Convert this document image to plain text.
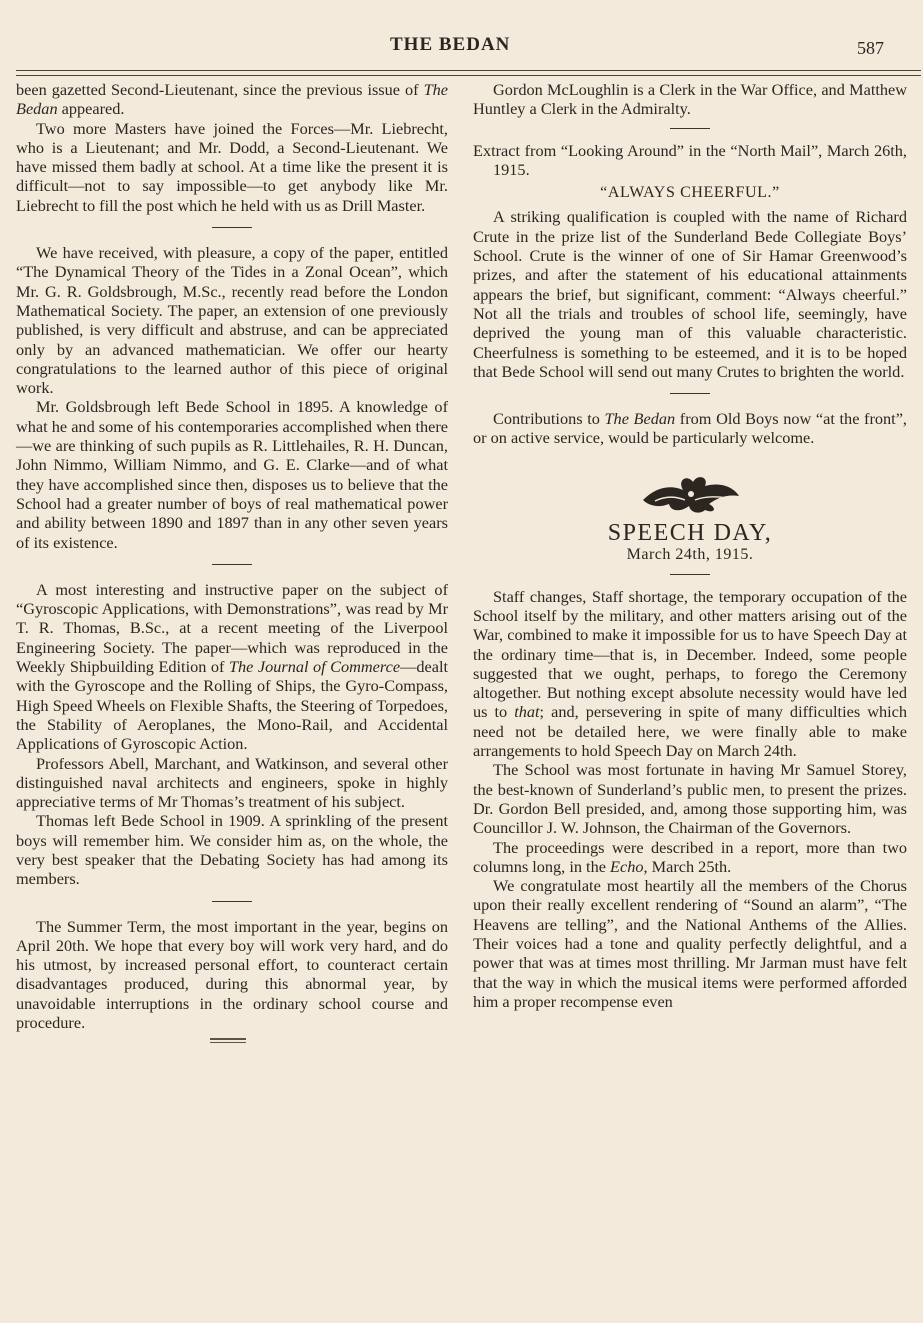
THE BEDAN	587

been gazetted Second-Lieutenant, since the previous issue of The Bedan appeared.

Two more Masters have joined the Forces—Mr. Liebrecht, who is a Lieutenant; and Mr. Dodd, a Second-Lieutenant. We have missed them badly at school. At a time like the present it is difficult—not to say impossible—to get anybody like Mr. Liebrecht to fill the post which he held with us as Drill Master.

We have received, with pleasure, a copy of the paper, entitled “The Dynamical Theory of the Tides in a Zonal Ocean”, which Mr. G. R. Goldsbrough, M.Sc., recently read before the London Mathematical Society. The paper, an extension of one previously published, is very difficult and abstruse, and can be appreciated only by an advanced mathematician. We offer our hearty congratulations to the learned author of this piece of original work.

Mr. Goldsbrough left Bede School in 1895. A knowledge of what he and some of his contemporaries accomplished when there—we are thinking of such pupils as R. Littlehailes, R. H. Duncan, John Nimmo, William Nimmo, and G. E. Clarke—and of what they have accomplished since then, disposes us to believe that the School had a greater number of boys of real mathematical power and ability between 1890 and 1897 than in any other seven years of its existence.

A most interesting and instructive paper on the subject of “Gyroscopic Applications, with Demonstrations”, was read by Mr T. R. Thomas, B.Sc., at a recent meeting of the Liverpool Engineering Society. The paper—which was reproduced in the Weekly Shipbuilding Edition of The Journal of Commerce—dealt with the Gyroscope and the Rolling of Ships, the Gyro-Compass, High Speed Wheels on Flexible Shafts, the Steering of Torpedoes, the Stability of Aeroplanes, the Mono-Rail, and Accidental Applications of Gyroscopic Action.

Professors Abell, Marchant, and Watkinson, and several other distinguished naval architects and engineers, spoke in highly appreciative terms of Mr Thomas’s treatment of his subject.

Thomas left Bede School in 1909. A sprinkling of the present boys will remember him. We consider him as, on the whole, the very best speaker that the Debating Society has had among its members.

The Summer Term, the most important in the year, begins on April 20th. We hope that every boy will work very hard, and do his utmost, by increased personal effort, to counteract certain disadvantages produced, during this abnormal year, by unavoidable interruptions in the ordinary school course and procedure.

Gordon McLoughlin is a Clerk in the War Office, and Matthew Huntley a Clerk in the Admiralty.

Extract from “Looking Around” in the “North Mail”, March 26th, 1915.

“ALWAYS CHEERFUL.”

A striking qualification is coupled with the name of Richard Crute in the prize list of the Sunderland Bede Collegiate Boys’ School. Crute is the winner of one of Sir Hamar Greenwood’s prizes, and after the statement of his educational attainments appears the brief, but significant, comment: “Always cheerful.” Not all the trials and troubles of school life, seemingly, have deprived the young man of this valuable characteristic. Cheerfulness is something to be esteemed, and it is to be hoped that Bede School will send out many Crutes to brighten the world.

Contributions to The Bedan from Old Boys now “at the front”, or on active service, would be particularly welcome.

SPEECH DAY,
March 24th, 1915.

Staff changes, Staff shortage, the temporary occupation of the School itself by the military, and other matters arising out of the War, combined to make it impossible for us to have Speech Day at the ordinary time—that is, in December. Indeed, some people suggested that we ought, perhaps, to forego the Ceremony altogether. But nothing except absolute necessity would have led us to that; and, persevering in spite of many difficulties which need not be detailed here, we were finally able to make arrangements to hold Speech Day on March 24th.

The School was most fortunate in having Mr Samuel Storey, the best-known of Sunderland’s public men, to present the prizes. Dr. Gordon Bell presided, and, among those supporting him, was Councillor J. W. Johnson, the Chairman of the Governors.

The proceedings were described in a report, more than two columns long, in the Echo, March 25th.

We congratulate most heartily all the members of the Chorus upon their really excellent rendering of “Sound an alarm”, “The Heavens are telling”, and the National Anthems of the Allies. Their voices had a tone and quality perfectly delightful, and a power that was at times most thrilling. Mr Jarman must have felt that the way in which the musical items were performed afforded him a proper recompense even
